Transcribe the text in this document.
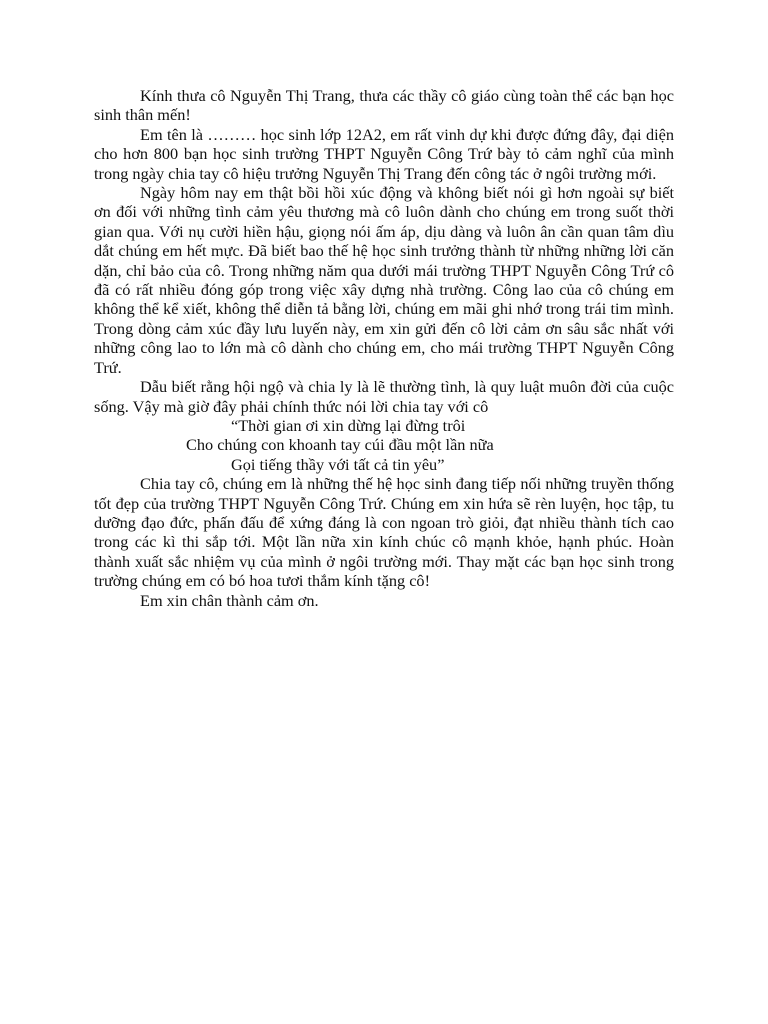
Kính thưa cô Nguyễn Thị Trang, thưa các thầy cô giáo cùng toàn thể các bạn học sinh thân mến!

Em tên là ……… học sinh lớp 12A2, em rất vinh dự khi được đứng đây, đại diện cho hơn 800 bạn học sinh trường THPT Nguyễn Công Trứ bày tỏ cảm nghĩ của mình trong ngày chia tay cô hiệu trưởng Nguyễn Thị Trang đến công tác ở ngôi trường mới.

Ngày hôm nay em thật bồi hồi xúc động và không biết nói gì hơn ngoài sự biết ơn đối với những tình cảm yêu thương mà cô luôn dành cho chúng em trong suốt thời gian qua. Với nụ cười hiền hậu, giọng nói ấm áp, dịu dàng và luôn ân cần quan tâm dìu dắt chúng em hết mực. Đã biết bao thế hệ học sinh trưởng thành từ những những lời căn dặn, chỉ bảo của cô. Trong những năm qua dưới mái trường THPT Nguyễn Công Trứ cô đã có rất nhiều đóng góp trong việc xây dựng nhà trường. Công lao của cô chúng em không thể kể xiết, không thể diễn tả bằng lời, chúng em mãi ghi nhớ trong trái tim mình. Trong dòng cảm xúc đầy lưu luyến này, em xin gửi đến cô lời cảm ơn sâu sắc nhất với những công lao to lớn mà cô dành cho chúng em, cho mái trường THPT Nguyễn Công Trứ.

Dẫu biết rằng hội ngộ và chia ly là lẽ thường tình, là quy luật muôn đời của cuộc sống. Vậy mà giờ đây phải chính thức nói lời chia tay với cô

“Thời gian ơi xin dừng lại đừng trôi
Cho chúng con khoanh tay cúi đầu một lần nữa
Gọi tiếng thầy với tất cả tin yêu”

Chia tay cô, chúng em là những thế hệ học sinh đang tiếp nối những truyền thống tốt đẹp của trường THPT Nguyễn Công Trứ. Chúng em xin hứa sẽ rèn luyện, học tập, tu dưỡng đạo đức, phấn đấu để xứng đáng là con ngoan trò giỏi, đạt nhiều thành tích cao trong các kì thi sắp tới. Một lần nữa xin kính chúc cô mạnh khỏe, hạnh phúc. Hoàn thành xuất sắc nhiệm vụ của mình ở ngôi trường mới. Thay mặt các bạn học sinh trong trường chúng em có bó hoa tươi thắm kính tặng cô!

Em xin chân thành cảm ơn.
